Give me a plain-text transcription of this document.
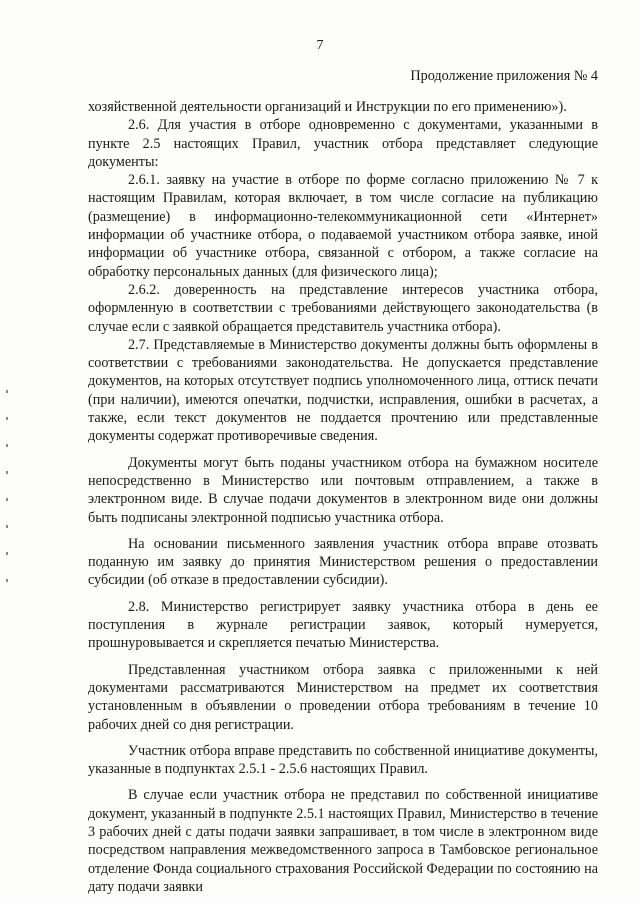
7
Продолжение приложения № 4

хозяйственной деятельности организаций и Инструкции по его применению»).

2.6. Для участия в отборе одновременно с документами, указанными в пункте 2.5 настоящих Правил, участник отбора представляет следующие документы:

2.6.1. заявку на участие в отборе по форме согласно приложению № 7 к настоящим Правилам, которая включает, в том числе согласие на публикацию (размещение) в информационно-телекоммуникационной сети «Интернет» информации об участнике отбора, о подаваемой участником отбора заявке, иной информации об участнике отбора, связанной с отбором, а также согласие на обработку персональных данных (для физического лица);

2.6.2. доверенность на представление интересов участника отбора, оформленную в соответствии с требованиями действующего законодательства (в случае если с заявкой обращается представитель участника отбора).

2.7. Представляемые в Министерство документы должны быть оформлены в соответствии с требованиями законодательства. Не допускается представление документов, на которых отсутствует подпись уполномоченного лица, оттиск печати (при наличии), имеются опечатки, подчистки, исправления, ошибки в расчетах, а также, если текст документов не поддается прочтению или представленные документы содержат противоречивые сведения.

Документы могут быть поданы участником отбора на бумажном носителе непосредственно в Министерство или почтовым отправлением, а также в электронном виде. В случае подачи документов в электронном виде они должны быть подписаны электронной подписью участника отбора.

На основании письменного заявления участник отбора вправе отозвать поданную им заявку до принятия Министерством решения о предоставлении субсидии (об отказе в предоставлении субсидии).

2.8. Министерство регистрирует заявку участника отбора в день ее поступления в журнале регистрации заявок, который нумеруется, прошнуровывается и скрепляется печатью Министерства.

Представленная участником отбора заявка с приложенными к ней документами рассматриваются Министерством на предмет их соответствия установленным в объявлении о проведении отбора требованиям в течение 10 рабочих дней со дня регистрации.

Участник отбора вправе представить по собственной инициативе документы, указанные в подпунктах 2.5.1 - 2.5.6 настоящих Правил.

В случае если участник отбора не представил по собственной инициативе документ, указанный в подпункте 2.5.1 настоящих Правил, Министерство в течение 3 рабочих дней с даты подачи заявки запрашивает, в том числе в электронном виде посредством направления межведомственного запроса в Тамбовское региональное отделение Фонда социального страхования Российской Федерации по состоянию на дату подачи заявки
